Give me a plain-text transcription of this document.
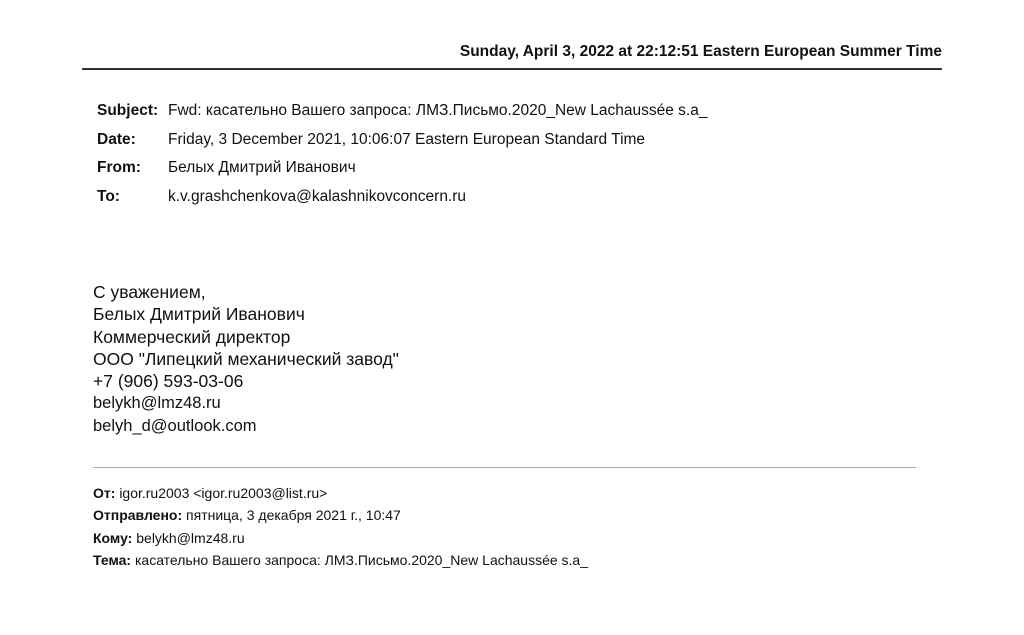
Sunday, April 3, 2022 at 22:12:51 Eastern European Summer Time
Subject: Fwd: касательно Вашего запроса: ЛМЗ.Письмо.2020_New Lachaussée s.a_
Date: Friday, 3 December 2021, 10:06:07 Eastern European Standard Time
From: Белых Дмитрий Иванович
To:	k.v.grashchenkova@kalashnikovconcern.ru
С уважением,
Белых Дмитрий Иванович
Коммерческий директор
ООО "Липецкий механический завод"
+7 (906) 593-03-06
belykh@lmz48.ru
belyh_d@outlook.com
От: igor.ru2003 <igor.ru2003@list.ru>
Отправлено: пятница, 3 декабря 2021 г., 10:47
Кому: belykh@lmz48.ru
Тема: касательно Вашего запроса: ЛМЗ.Письмо.2020_New Lachaussée s.a_
